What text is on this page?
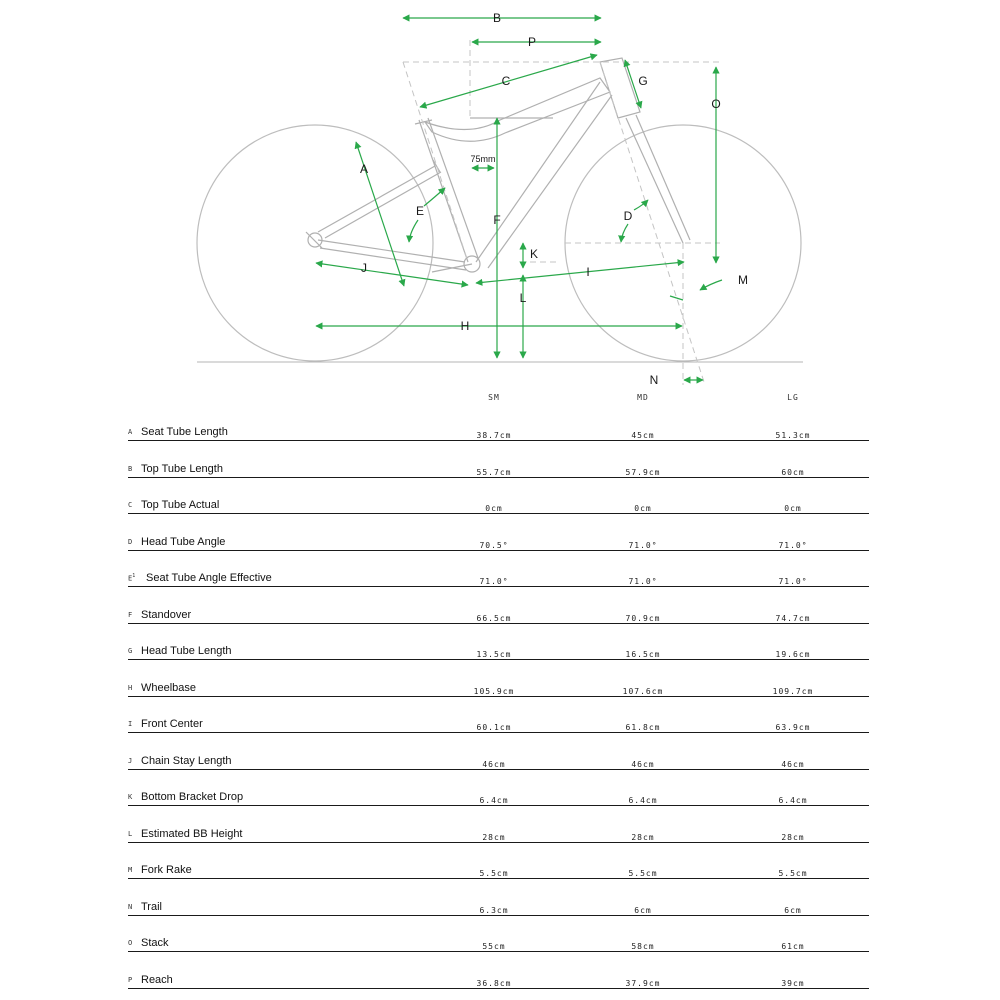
B
P
C	G
O
A
75mm
E
F	D
K
J	I
M
L
H
N
SM	MD	LG
A Seat Tube Length	38.7cm	45cm	51.3cm
B Top Tube Length	55.7cm	57.9cm	60cm
C Top Tube Actual	0cm	0cm	0cm
D Head Tube Angle	70.5°	71.0°	71.0°
$E^1$ Seat Tube Angle Effective	71.0°	71.0°	71.0°
F Standover	66.5cm	70.9cm	74.7cm
G Head Tube Length	13.5cm	16.5cm	19.6cm
H Wheelbase	105.9cm	107.6cm	109.7cm
I Front Center	60.1cm	61.8cm	63.9cm
J Chain Stay Length	46cm	46cm	46cm
K Bottom Bracket Drop	6.4cm	6.4cm	6.4cm
L Estimated BB Height	28cm	28cm	28cm
M Fork Rake	5.5cm	5.5cm	5.5cm
N Trail	6.3cm	6cm	6cm
O Stack	55cm	58cm	61cm
P Reach	36.8cm	37.9cm	39cm
